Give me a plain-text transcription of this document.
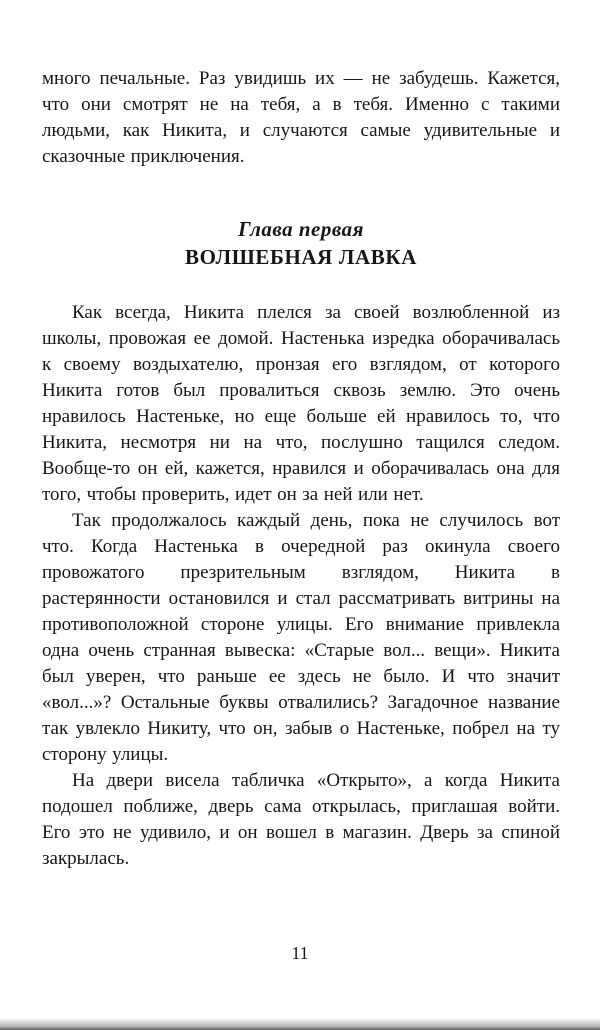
много печальные. Раз увидишь их — не забудешь. Кажется, что они смотрят не на тебя, а в тебя. Именно с такими людьми, как Никита, и случаются самые удивительные и сказочные приключения.

Глава первая
ВОЛШЕБНАЯ ЛАВКА

Как всегда, Никита плелся за своей возлюбленной из школы, провожая ее домой. Настенька изредка оборачивалась к своему воздыхателю, пронзая его взглядом, от которого Никита готов был провалиться сквозь землю. Это очень нравилось Настеньке, но еще больше ей нравилось то, что Никита, несмотря ни на что, послушно тащился следом. Вообще-то он ей, кажется, нравился и оборачивалась она для того, чтобы проверить, идет он за ней или нет.

Так продолжалось каждый день, пока не случилось вот что. Когда Настенька в очередной раз окинула своего провожатого презрительным взглядом, Никита в растерянности остановился и стал рассматривать витрины на противоположной стороне улицы. Его внимание привлекла одна очень странная вывеска: «Старые вол... вещи». Никита был уверен, что раньше ее здесь не было. И что значит «вол...»? Остальные буквы отвалились? Загадочное название так увлекло Никиту, что он, забыв о Настеньке, побрел на ту сторону улицы.

На двери висела табличка «Открыто», а когда Никита подошел поближе, дверь сама открылась, приглашая войти. Его это не удивило, и он вошел в магазин. Дверь за спиной закрылась.

11
